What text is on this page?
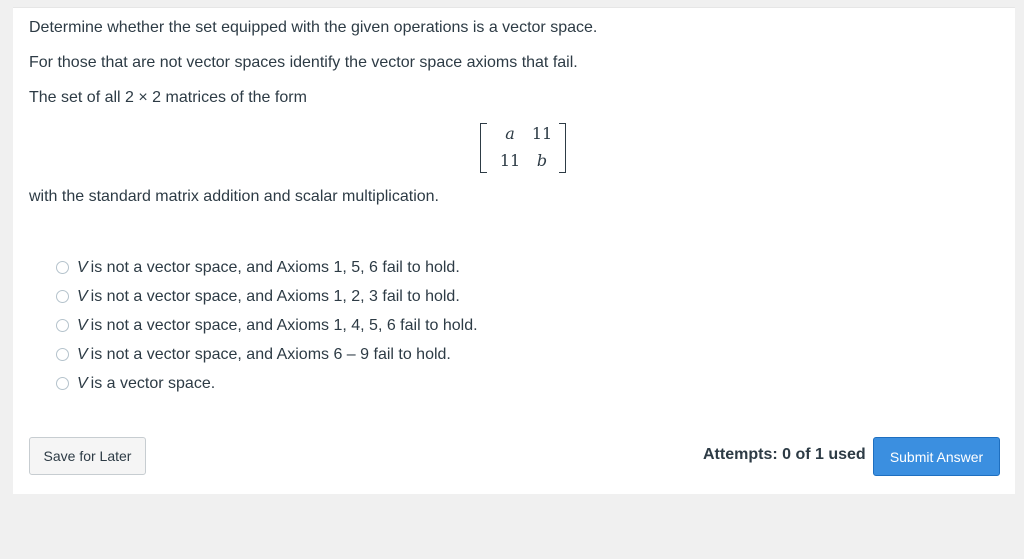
Determine whether the set equipped with the given operations is a vector space.
For those that are not vector spaces identify the vector space axioms that fail.
The set of all 2 × 2 matrices of the form
a	11
11	b
with the standard matrix addition and scalar multiplication.
V is not a vector space, and Axioms 1, 5, 6 fail to hold.
V is not a vector space, and Axioms 1, 2, 3 fail to hold.
V is not a vector space, and Axioms 1, 4, 5, 6 fail to hold.
V is not a vector space, and Axioms 6 – 9 fail to hold.
V is a vector space.
Save for Later	Attempts: 0 of 1 used	Submit Answer
